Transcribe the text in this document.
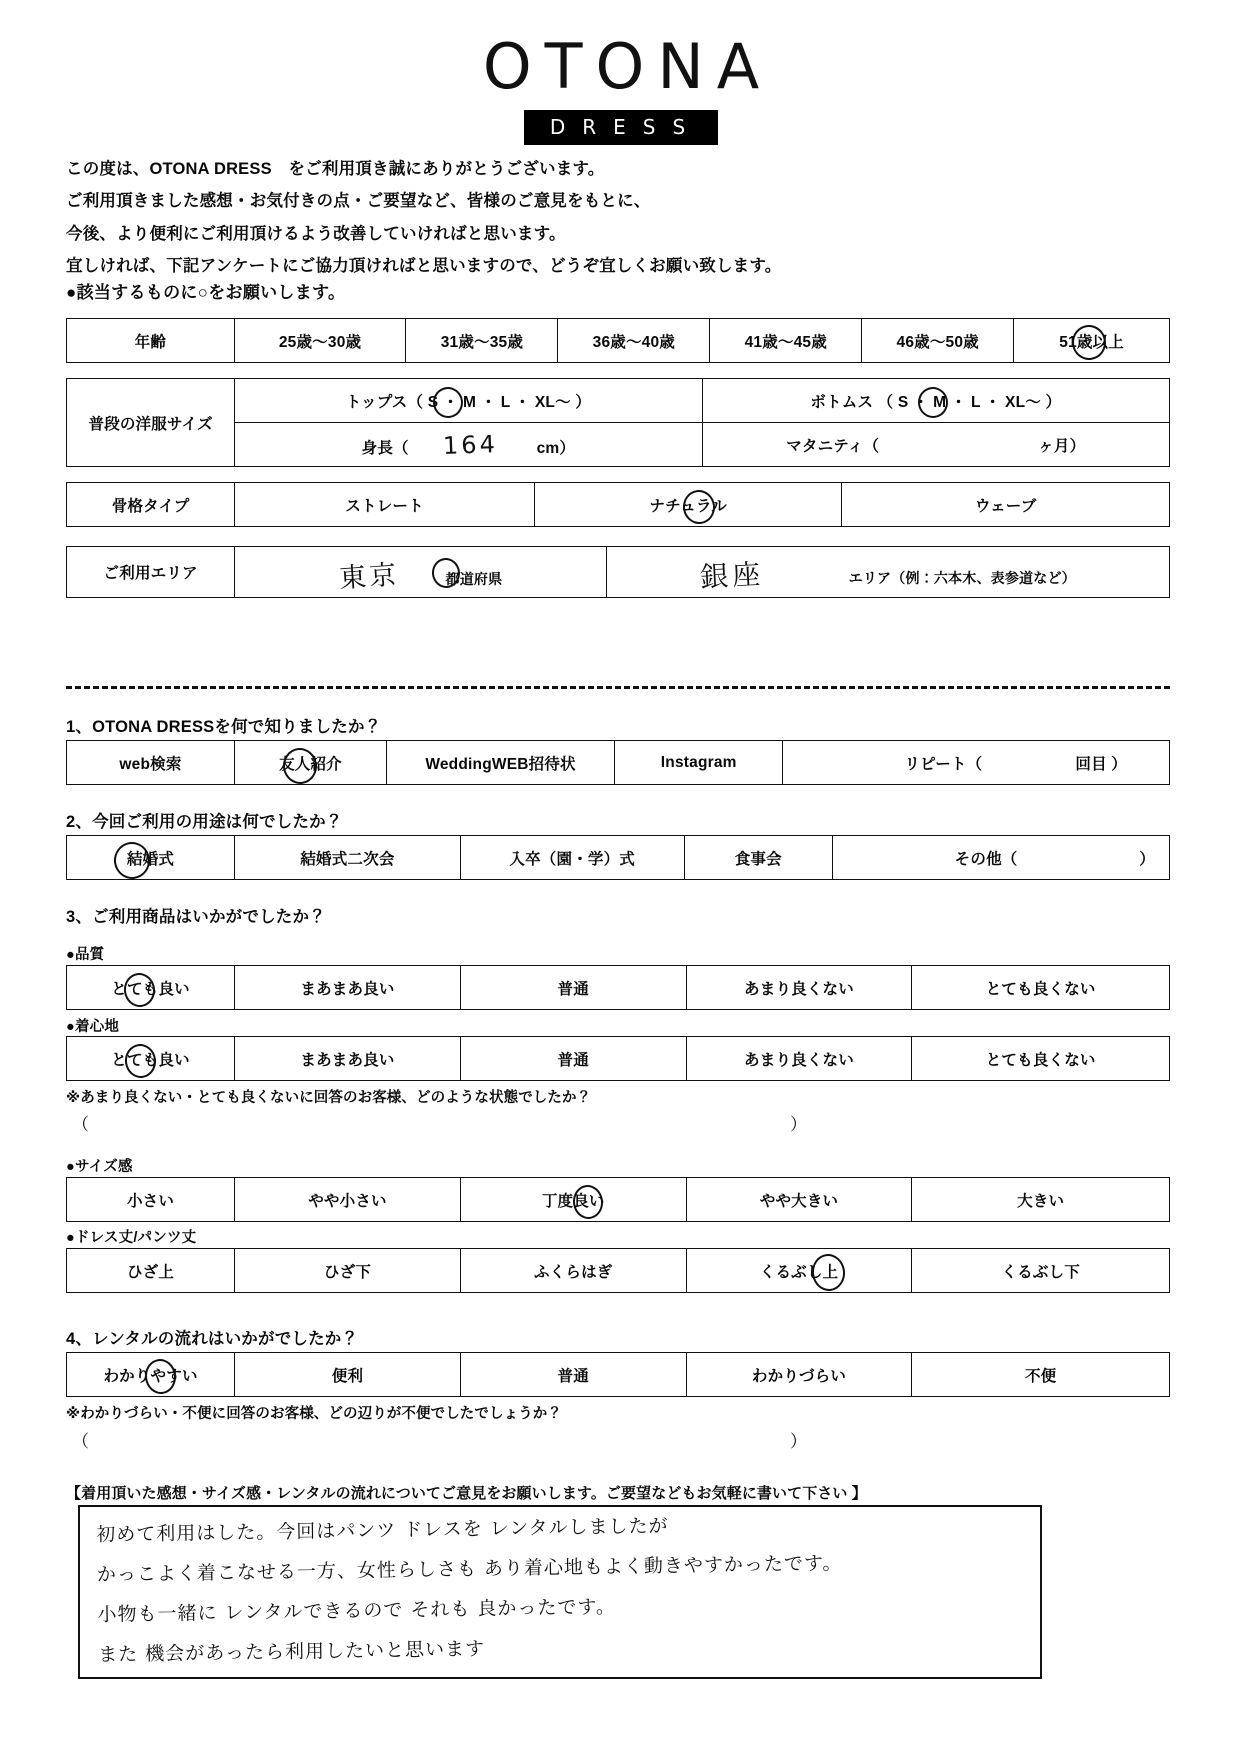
OTONA
DRESS

この度は、OTONA DRESS　をご利用頂き誠にありがとうございます。

ご利用頂きました感想・お気付きの点・ご要望など、皆様のご意見をもとに、

今後、より便利にご利用頂けるよう改善していければと思います。

宜しければ、下記アンケートにご協力頂ければと思いますので、どうぞ宜しくお願い致します。

●該当するものに○をお願いします。
年齢	25歳〜30歳	31歳〜35歳	36歳〜40歳	41歳〜45歳	46歳〜50歳	51歳以上
普段の洋服サイズ	トップス（ S ・ M ・ L ・ XL〜 ）	ボトムス （ S ・ M ・ L ・ XL〜 ）

	身長（ 164 cm）	マタニティ（ ヶ月）
骨格タイプ	ストレート	ナチュラル	ウェーブ
ご利用エリア	東京	都道府県	銀座	エリア（例：六本木、表参道など）
1、OTONA DRESSを何で知りましたか？
web検索	友人紹介	WeddingWEB招待状	Instagram	リピート（	回目 ）
2、今回ご利用の用途は何でしたか？
結婚式	結婚式二次会	入卒（園・学）式	食事会	その他（	）
3、ご利用商品はいかがでしたか？
●品質
とても良い	まあまあ良い	普通	あまり良くない	とても良くない
●着心地
とても良い	まあまあ良い	普通	あまり良くない	とても良くない
※あまり良くない・とても良くないに回答のお客様、どのような状態でしたか？
（	）
●サイズ感
小さい	やや小さい	丁度良い	やや大きい	大きい
●ドレス丈/パンツ丈
ひざ上	ひざ下	ふくらはぎ	くるぶし上	くるぶし下
4、レンタルの流れはいかがでしたか？
わかりやすい	便利	普通	わかりづらい	不便
※わかりづらい・不便に回答のお客様、どの辺りが不便でしたでしょうか？
（	）
【着用頂いた感想・サイズ感・レンタルの流れについてご意見をお願いします。ご要望などもお気軽に書いて下さい 】
初めて利用はした。今回はパンツ ドレスを レンタルしましたが
かっこよく着こなせる一方、女性らしさも あり着心地もよく動きやすかったです。
小物も一緒に レンタルできるので それも 良かったです。
また 機会があったら利用したいと思います
